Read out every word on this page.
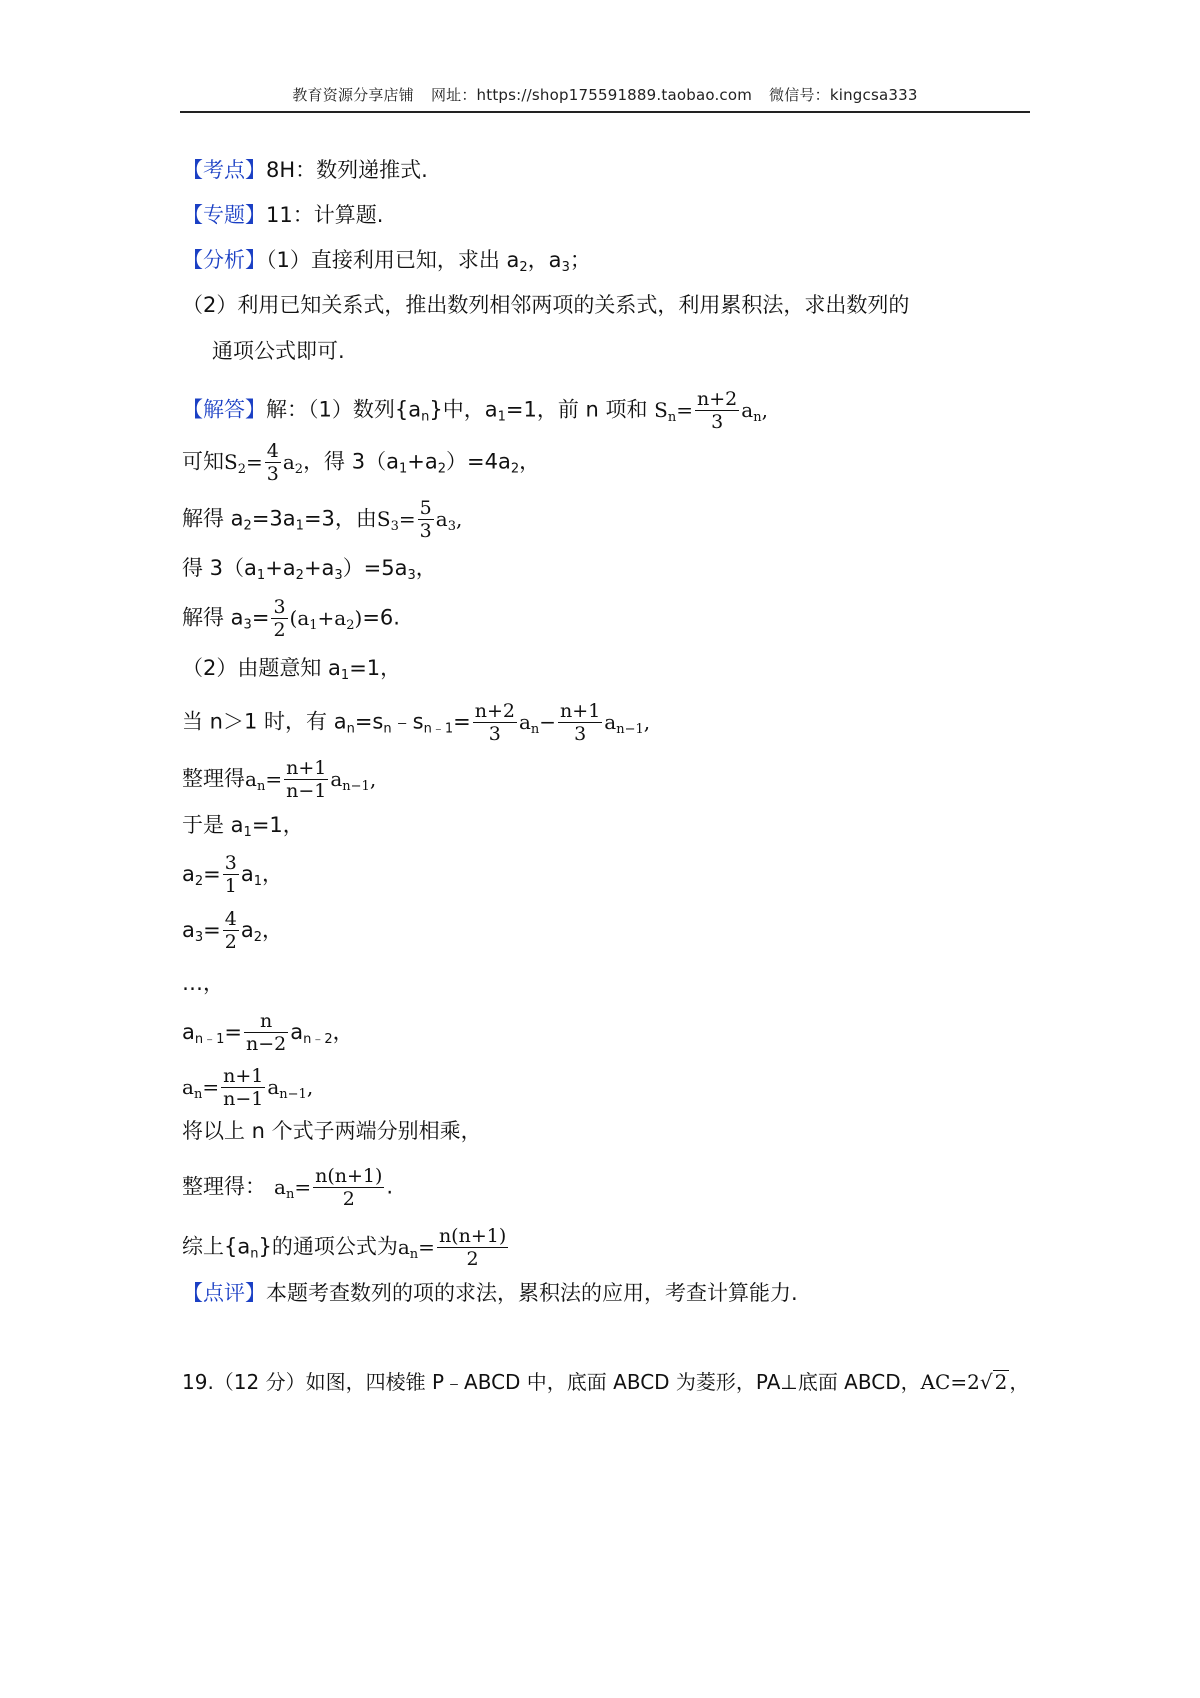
教育资源分享店铺 网址：https://shop175591889.taobao.com 微信号：kingcsa333
【考点】8H：数列递推式.
【专题】11：计算题.
【分析】（1）直接利用已知，求出 $a_2$，$a_3$；
（2）利用已知关系式，推出数列相邻两项的关系式，利用累积法，求出数列的
通项公式即可.
【解答】解：（1）数列$\{a_n\}$中，$a_1=1$，前 n 项和 $S_n= \frac{n+2}{3} a_n$,
可知$S_2= \frac{4}{3} a_2$，得 $3(a_1+a_2)=4a_2$，
解得 $a_2=3a_1=3$，由$S_3= \frac{5}{3} a_3$,
得 $3(a_1+a_2+a_3)=5a_3$，
解得 $a_3= \frac{3}{2} (a_1+a_2)=6$.
（2）由题意知 $a_1=1$，
当 n＞1 时，有 $a_n=s_n﹣s_{n﹣1}= \frac{n+2}{3} a_n- \frac{n+1}{3} a_{n-1}$,
整理得$a_n= \frac{n+1}{n-1} a_{n-1}$,
于是 $a_1=1$，
$a_2= \frac{3}{1} a_1$，
$a_3= \frac{4}{2} a_2$，
…，
$a_{n﹣1}= \frac{n}{n-2} a_{n﹣2}$，
$a_n= \frac{n+1}{n-1} a_{n-1}$,
将以上 n 个式子两端分别相乘，
整理得： $a_n= \frac{n(n+1)}{2}$ .
综上$\{a_n\}$的通项公式为$a_n= \frac{n(n+1)}{2}$
【点评】本题考查数列的项的求法，累积法的应用，考查计算能力.
19.（12 分）如图，四棱锥 P﹣ABCD 中，底面 ABCD 为菱形，PA⊥底面 ABCD，AC=2√ 2 ，
